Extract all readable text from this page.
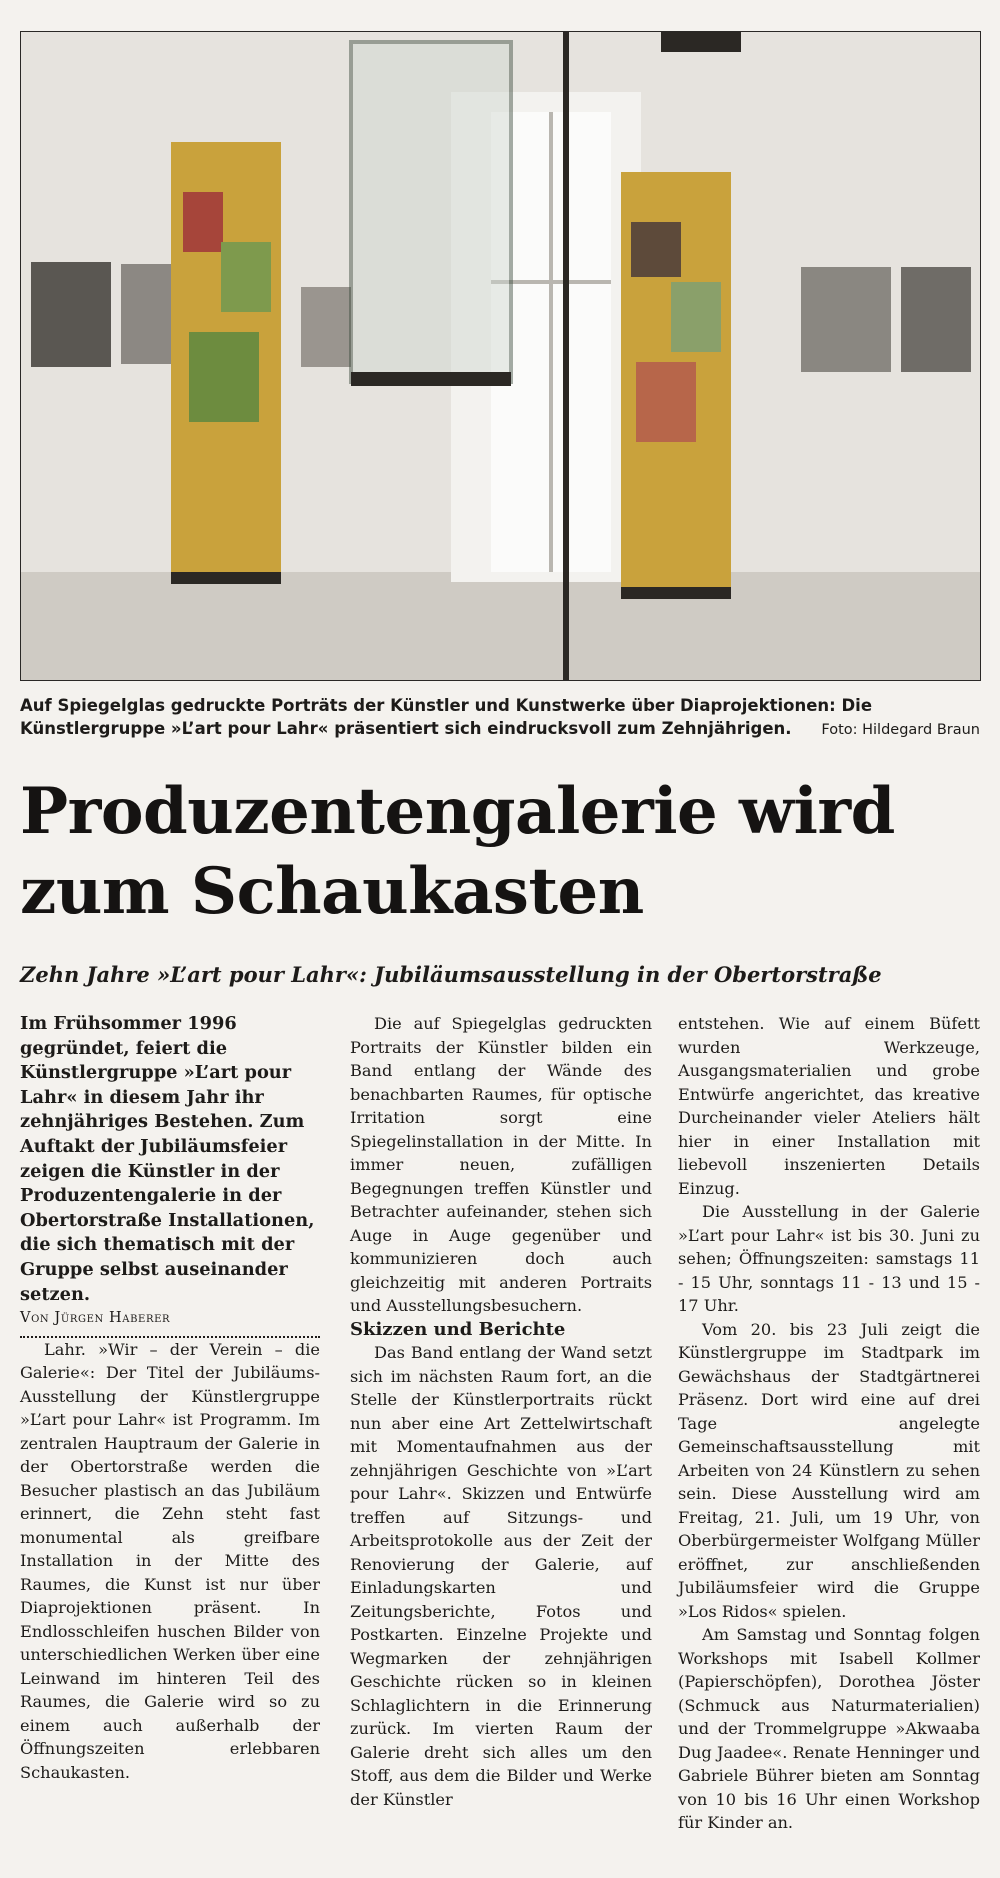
Auf Spiegelglas gedruckte Porträts der Künstler und Kunstwerke über Diaprojektionen: Die Künstlergruppe »L’art pour Lahr« präsentiert sich eindrucksvoll zum Zehnjährigen. Foto: Hildegard Braun
Produzentengalerie wird zum Schaukasten
Zehn Jahre »L’art pour Lahr«: Jubiläumsausstellung in der Obertorstraße

Im Frühsommer 1996 gegründet, feiert die Künstlergruppe »L’art pour Lahr« in diesem Jahr ihr zehnjähriges Bestehen. Zum Auftakt der Jubiläumsfeier zeigen die Künstler in der Produzentengalerie in der Obertorstraße Installationen, die sich thematisch mit der Gruppe selbst auseinander setzen.

Von Jürgen Haberer

Lahr. »Wir – der Verein – die Galerie«: Der Titel der Jubiläums-Ausstellung der Künstlergruppe »L’art pour Lahr« ist Programm. Im zentralen Hauptraum der Galerie in der Obertorstraße werden die Besucher plastisch an das Jubiläum erinnert, die Zehn steht fast monumental als greifbare Installation in der Mitte des Raumes, die Kunst ist nur über Diaprojektionen präsent. In Endlosschleifen huschen Bilder von unterschiedlichen Werken über eine Leinwand im hinteren Teil des Raumes, die Galerie wird so zu einem auch außerhalb der Öffnungszeiten erlebbaren Schaukasten.

Die auf Spiegelglas gedruckten Portraits der Künstler bilden ein Band entlang der Wände des benachbarten Raumes, für optische Irritation sorgt eine Spiegelinstallation in der Mitte. In immer neuen, zufälligen Begegnungen treffen Künstler und Betrachter aufeinander, stehen sich Auge in Auge gegenüber und kommunizieren doch auch gleichzeitig mit anderen Portraits und Ausstellungsbesuchern.

Skizzen und Berichte

Das Band entlang der Wand setzt sich im nächsten Raum fort, an die Stelle der Künstlerportraits rückt nun aber eine Art Zettelwirtschaft mit Momentaufnahmen aus der zehnjährigen Geschichte von »L’art pour Lahr«. Skizzen und Entwürfe treffen auf Sitzungs- und Arbeitsprotokolle aus der Zeit der Renovierung der Galerie, auf Einladungskarten und Zeitungsberichte, Fotos und Postkarten. Einzelne Projekte und Wegmarken der zehnjährigen Geschichte rücken so in kleinen Schlaglichtern in die Erinnerung zurück. Im vierten Raum der Galerie dreht sich alles um den Stoff, aus dem die Bilder und Werke der Künstler

entstehen. Wie auf einem Büfett wurden Werkzeuge, Ausgangsmaterialien und grobe Entwürfe angerichtet, das kreative Durcheinander vieler Ateliers hält hier in einer Installation mit liebevoll inszenierten Details Einzug.

Die Ausstellung in der Galerie »L’art pour Lahr« ist bis 30. Juni zu sehen; Öffnungszeiten: samstags 11 - 15 Uhr, sonntags 11 - 13 und 15 - 17 Uhr.

Vom 20. bis 23 Juli zeigt die Künstlergruppe im Stadtpark im Gewächshaus der Stadtgärtnerei Präsenz. Dort wird eine auf drei Tage angelegte Gemeinschaftsausstellung mit Arbeiten von 24 Künstlern zu sehen sein. Diese Ausstellung wird am Freitag, 21. Juli, um 19 Uhr, von Oberbürgermeister Wolfgang Müller eröffnet, zur anschließenden Jubiläumsfeier wird die Gruppe »Los Ridos« spielen.

Am Samstag und Sonntag folgen Workshops mit Isabell Kollmer (Papierschöpfen), Dorothea Jöster (Schmuck aus Naturmaterialien) und der Trommelgruppe »Akwaaba Dug Jaadee«. Renate Henninger und Gabriele Bührer bieten am Sonntag von 10 bis 16 Uhr einen Workshop für Kinder an.
